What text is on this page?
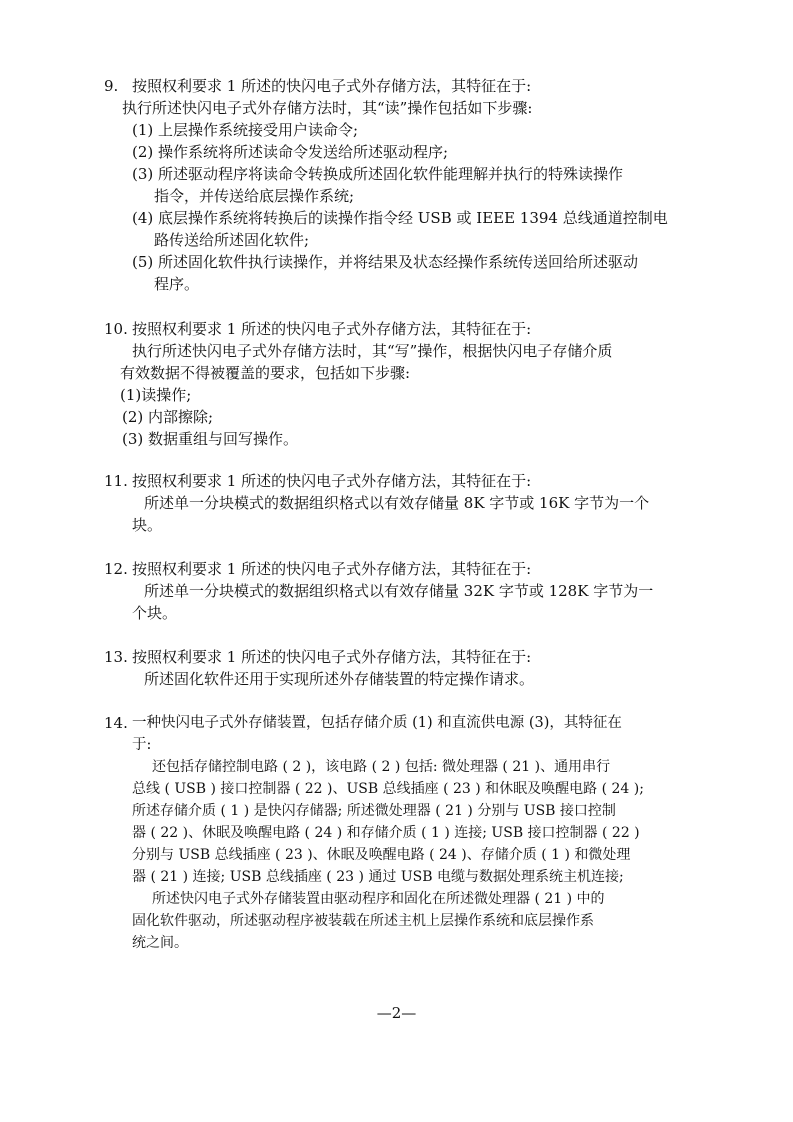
9. 按照权利要求 1 所述的快闪电子式外存储方法，其特征在于:
执行所述快闪电子式外存储方法时，其“读”操作包括如下步骤:
(1) 上层操作系统接受用户读命令;
(2) 操作系统将所述读命令发送给所述驱动程序;
(3) 所述驱动程序将读命令转换成所述固化软件能理解并执行的特殊读操作
指令，并传送给底层操作系统;
(4) 底层操作系统将转换后的读操作指令经 USB 或 IEEE 1394 总线通道控制电
路传送给所述固化软件;
(5) 所述固化软件执行读操作，并将结果及状态经操作系统传送回给所述驱动
程序。
10. 按照权利要求 1 所述的快闪电子式外存储方法，其特征在于:
执行所述快闪电子式外存储方法时，其“写”操作，根据快闪电子存储介质
有效数据不得被覆盖的要求，包括如下步骤:
(1)读操作;
(2) 内部擦除;
(3) 数据重组与回写操作。
11. 按照权利要求 1 所述的快闪电子式外存储方法，其特征在于:
所述单一分块模式的数据组织格式以有效存储量 8K 字节或 16K 字节为一个
块。
12. 按照权利要求 1 所述的快闪电子式外存储方法，其特征在于:
所述单一分块模式的数据组织格式以有效存储量 32K 字节或 128K 字节为一
个块。
13. 按照权利要求 1 所述的快闪电子式外存储方法，其特征在于:
所述固化软件还用于实现所述外存储装置的特定操作请求。
14. 一种快闪电子式外存储装置，包括存储介质 (1) 和直流供电源 (3)，其特征在
于:
还包括存储控制电路 ( 2 )，该电路 ( 2 ) 包括: 微处理器 ( 21 )、通用串行
总线 ( USB ) 接口控制器 ( 22 )、USB 总线插座 ( 23 ) 和休眠及唤醒电路 ( 24 );
所述存储介质 ( 1 ) 是快闪存储器; 所述微处理器 ( 21 ) 分别与 USB 接口控制
器 ( 22 )、休眠及唤醒电路 ( 24 ) 和存储介质 ( 1 ) 连接; USB 接口控制器 ( 22 )
分别与 USB 总线插座 ( 23 )、休眠及唤醒电路 ( 24 )、存储介质 ( 1 ) 和微处理
器 ( 21 ) 连接; USB 总线插座 ( 23 ) 通过 USB 电缆与数据处理系统主机连接;
所述快闪电子式外存储装置由驱动程序和固化在所述微处理器 ( 21 ) 中的
固化软件驱动，所述驱动程序被装载在所述主机上层操作系统和底层操作系
统之间。
—2—
